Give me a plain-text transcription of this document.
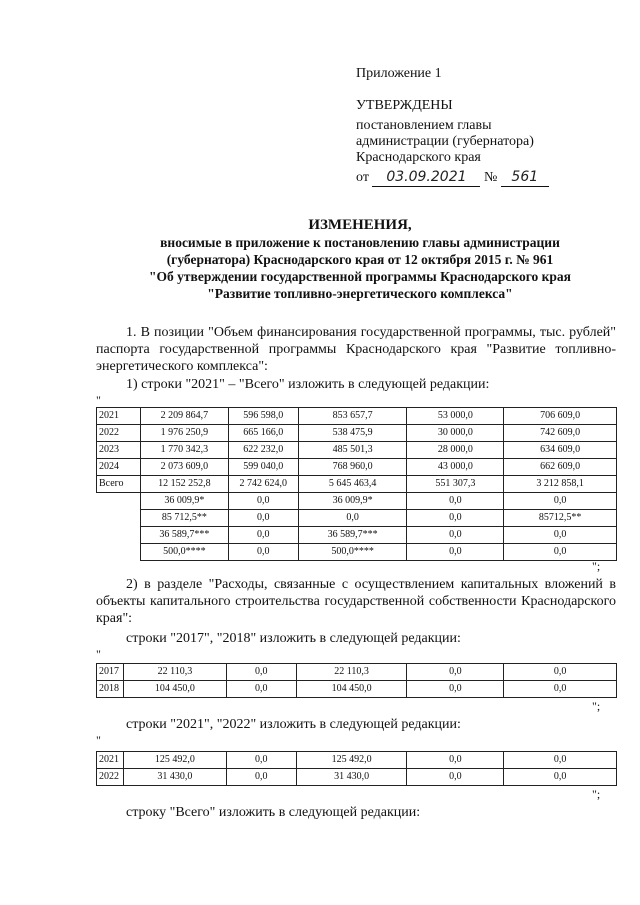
Приложение 1
УТВЕРЖДЕНЫ
постановлением главы
администрации (губернатора)
Краснодарского края
от 03.09.2021 № 561
ИЗМЕНЕНИЯ,
вносимые в приложение к постановлению главы администрации
(губернатора) Краснодарского края от 12 октября 2015 г. № 961
"Об утверждении государственной программы Краснодарского края
"Развитие топливно-энергетического комплекса"
1. В позиции "Объем финансирования государственной программы, тыс. рублей" паспорта государственной программы Краснодарского края "Развитие топливно-энергетического комплекса":
1) строки "2021" – "Всего" изложить в следующей редакции:
"
2021	2 209 864,7	596 598,0	853 657,7	53 000,0	706 609,0
2022	1 976 250,9	665 166,0	538 475,9	30 000,0	742 609,0
2023	1 770 342,3	622 232,0	485 501,3	28 000,0	634 609,0
2024	2 073 609,0	599 040,0	768 960,0	43 000,0	662 609,0
Всего	12 152 252,8	2 742 624,0	5 645 463,4	551 307,3	3 212 858,1
	36 009,9*	0,0	36 009,9*	0,0	0,0
	85 712,5**	0,0	0,0	0,0	85712,5**
	36 589,7***	0,0	36 589,7***	0,0	0,0
	500,0****	0,0	500,0****	0,0	0,0
";
2) в разделе "Расходы, связанные с осуществлением капитальных вложений в объекты капитального строительства государственной собственности Краснодарского края":
строки "2017", "2018" изложить в следующей редакции:
"
2017	22 110,3	0,0	22 110,3	0,0	0,0
2018	104 450,0	0,0	104 450,0	0,0	0,0
";
строки "2021", "2022" изложить в следующей редакции:
"
2021	125 492,0	0,0	125 492,0	0,0	0,0
2022	31 430,0	0,0	31 430,0	0,0	0,0
";
строку "Всего" изложить в следующей редакции:
